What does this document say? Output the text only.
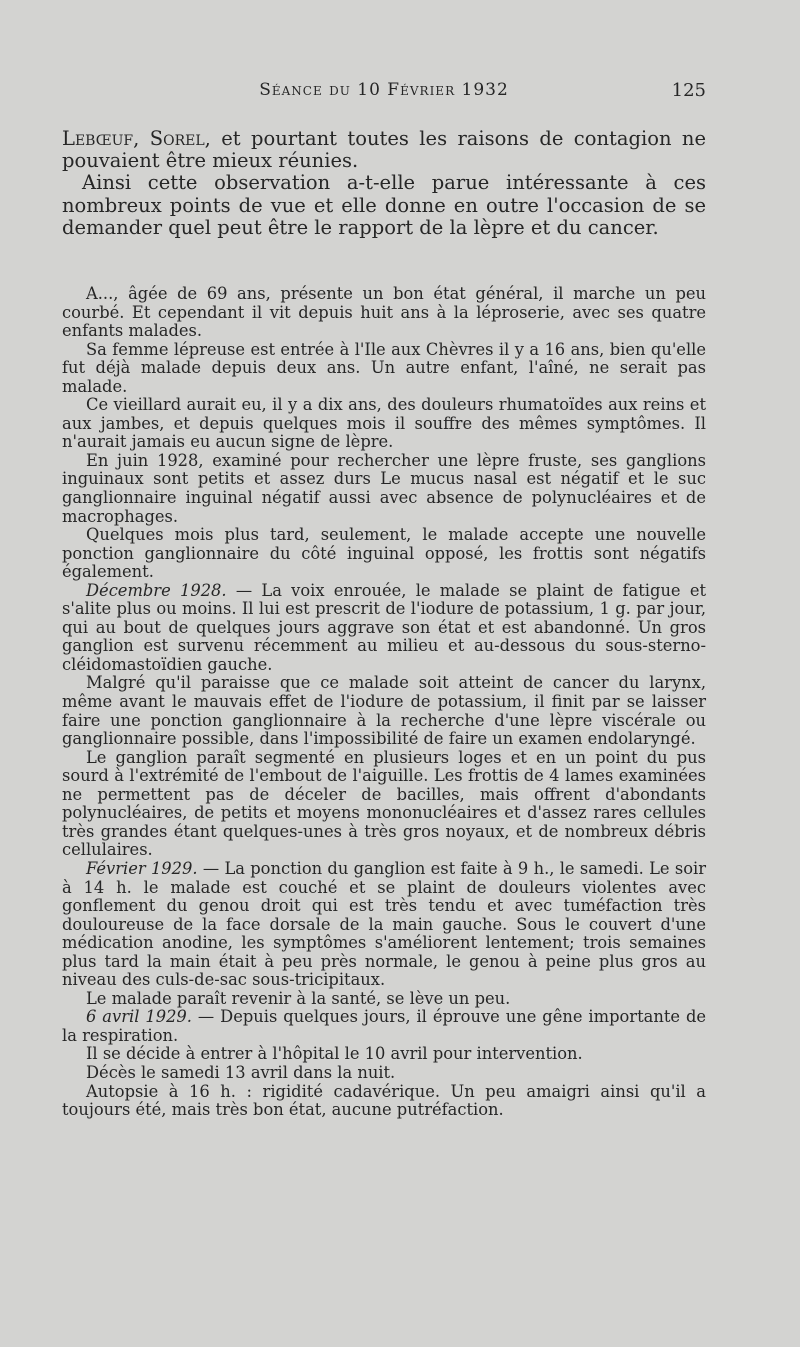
Séance du 10 Février 1932	125

Lebœuf, Sorel, et pourtant toutes les raisons de contagion ne pouvaient être mieux réunies.

Ainsi cette observation a-t-elle parue intéressante à ces nombreux points de vue et elle donne en outre l'occasion de se demander quel peut être le rapport de la lèpre et du cancer.

A..., âgée de 69 ans, présente un bon état général, il marche un peu courbé. Et cependant il vit depuis huit ans à la léproserie, avec ses quatre enfants malades.

Sa femme lépreuse est entrée à l'Ile aux Chèvres il y a 16 ans, bien qu'elle fut déjà malade depuis deux ans. Un autre enfant, l'aîné, ne serait pas malade.

Ce vieillard aurait eu, il y a dix ans, des douleurs rhumatoïdes aux reins et aux jambes, et depuis quelques mois il souffre des mêmes symptômes. Il n'aurait jamais eu aucun signe de lèpre.

En juin 1928, examiné pour rechercher une lèpre fruste, ses ganglions inguinaux sont petits et assez durs Le mucus nasal est négatif et le suc ganglionnaire inguinal négatif aussi avec absence de polynucléaires et de macrophages.

Quelques mois plus tard, seulement, le malade accepte une nouvelle ponction ganglionnaire du côté inguinal opposé, les frottis sont négatifs également.

Décembre 1928. — La voix enrouée, le malade se plaint de fatigue et s'alite plus ou moins. Il lui est prescrit de l'iodure de potassium, 1 g. par jour, qui au bout de quelques jours aggrave son état et est abandonné. Un gros ganglion est survenu récemment au milieu et au-dessous du sous-sterno-cléidomastoïdien gauche.

Malgré qu'il paraisse que ce malade soit atteint de cancer du larynx, même avant le mauvais effet de l'iodure de potassium, il finit par se laisser faire une ponction ganglionnaire à la recherche d'une lèpre viscérale ou ganglionnaire possible, dans l'impossibilité de faire un examen endolaryngé.

Le ganglion paraît segmenté en plusieurs loges et en un point du pus sourd à l'extrémité de l'embout de l'aiguille. Les frottis de 4 lames examinées ne permettent pas de déceler de bacilles, mais offrent d'abondants polynucléaires, de petits et moyens mononucléaires et d'assez rares cellules très grandes étant quelques-unes à très gros noyaux, et de nombreux débris cellulaires.

Février 1929. — La ponction du ganglion est faite à 9 h., le samedi. Le soir à 14 h. le malade est couché et se plaint de douleurs violentes avec gonflement du genou droit qui est très tendu et avec tuméfaction très douloureuse de la face dorsale de la main gauche. Sous le couvert d'une médication anodine, les symptômes s'améliorent lentement; trois semaines plus tard la main était à peu près normale, le genou à peine plus gros au niveau des culs-de-sac sous-tricipitaux.

Le malade paraît revenir à la santé, se lève un peu.

6 avril 1929. — Depuis quelques jours, il éprouve une gêne importante de la respiration.

Il se décide à entrer à l'hôpital le 10 avril pour intervention.

Décès le samedi 13 avril dans la nuit.

Autopsie à 16 h. : rigidité cadavérique. Un peu amaigri ainsi qu'il a toujours été, mais très bon état, aucune putréfaction.
